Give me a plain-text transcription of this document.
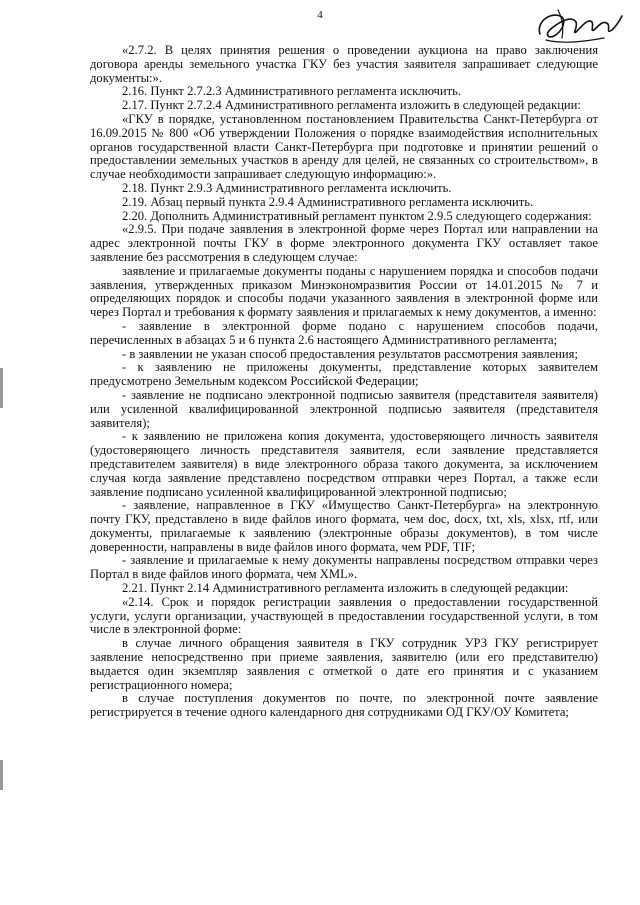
4

«2.7.2. В целях принятия решения о проведении аукциона на право заключения договора аренды земельного участка ГКУ без участия заявителя запрашивает следующие документы:».

2.16. Пункт 2.7.2.3 Административного регламента исключить.

2.17. Пункт 2.7.2.4 Административного регламента изложить в следующей редакции:

«ГКУ в порядке, установленном постановлением Правительства Санкт-Петербурга от 16.09.2015 № 800 «Об утверждении Положения о порядке взаимодействия исполнительных органов государственной власти Санкт-Петербурга при подготовке и принятии решений о предоставлении земельных участков в аренду для целей, не связанных со строительством», в случае необходимости запрашивает следующую информацию:».

2.18. Пункт 2.9.3 Административного регламента исключить.

2.19. Абзац первый пункта 2.9.4 Административного регламента исключить.

2.20. Дополнить Административный регламент пунктом 2.9.5 следующего содержания:

«2.9.5. При подаче заявления в электронной форме через Портал или направлении на адрес электронной почты ГКУ в форме электронного документа ГКУ оставляет такое заявление без рассмотрения в следующем случае:

заявление и прилагаемые документы поданы с нарушением порядка и способов подачи заявления, утвержденных приказом Минэкономразвития России от 14.01.2015 № 7 и определяющих порядок и способы подачи указанного заявления в электронной форме или через Портал и требования к формату заявления и прилагаемых к нему документов, а именно:

- заявление в электронной форме подано с нарушением способов подачи, перечисленных в абзацах 5 и 6 пункта 2.6 настоящего Административного регламента;

- в заявлении не указан способ предоставления результатов рассмотрения заявления;

- к заявлению не приложены документы, представление которых заявителем предусмотрено Земельным кодексом Российской Федерации;

- заявление не подписано электронной подписью заявителя (представителя заявителя) или усиленной квалифицированной электронной подписью заявителя (представителя заявителя);

- к заявлению не приложена копия документа, удостоверяющего личность заявителя (удостоверяющего личность представителя заявителя, если заявление представляется представителем заявителя) в виде электронного образа такого документа, за исключением случая когда заявление представлено посредством отправки через Портал, а также если заявление подписано усиленной квалифицированной электронной подписью;

- заявление, направленное в ГКУ «Имущество Санкт-Петербурга» на электронную почту ГКУ, представлено в виде файлов иного формата, чем doc, docx, txt, xls, xlsx, rtf, или документы, прилагаемые к заявлению (электронные образы документов), в том числе доверенности, направлены в виде файлов иного формата, чем PDF, TIF;

- заявление и прилагаемые к нему документы направлены посредством отправки через Портал в виде файлов иного формата, чем XML».

2.21. Пункт 2.14 Административного регламента изложить в следующей редакции:

«2.14. Срок и порядок регистрации заявления о предоставлении государственной услуги, услуги организации, участвующей в предоставлении государственной услуги, в том числе в электронной форме:

в случае личного обращения заявителя в ГКУ сотрудник УРЗ ГКУ регистрирует заявление непосредственно при приеме заявления, заявителю (или его представителю) выдается один экземпляр заявления с отметкой о дате его принятия и с указанием регистрационного номера;

в случае поступления документов по почте, по электронной почте заявление регистрируется в течение одного календарного дня сотрудниками ОД ГКУ/ОУ Комитета;
